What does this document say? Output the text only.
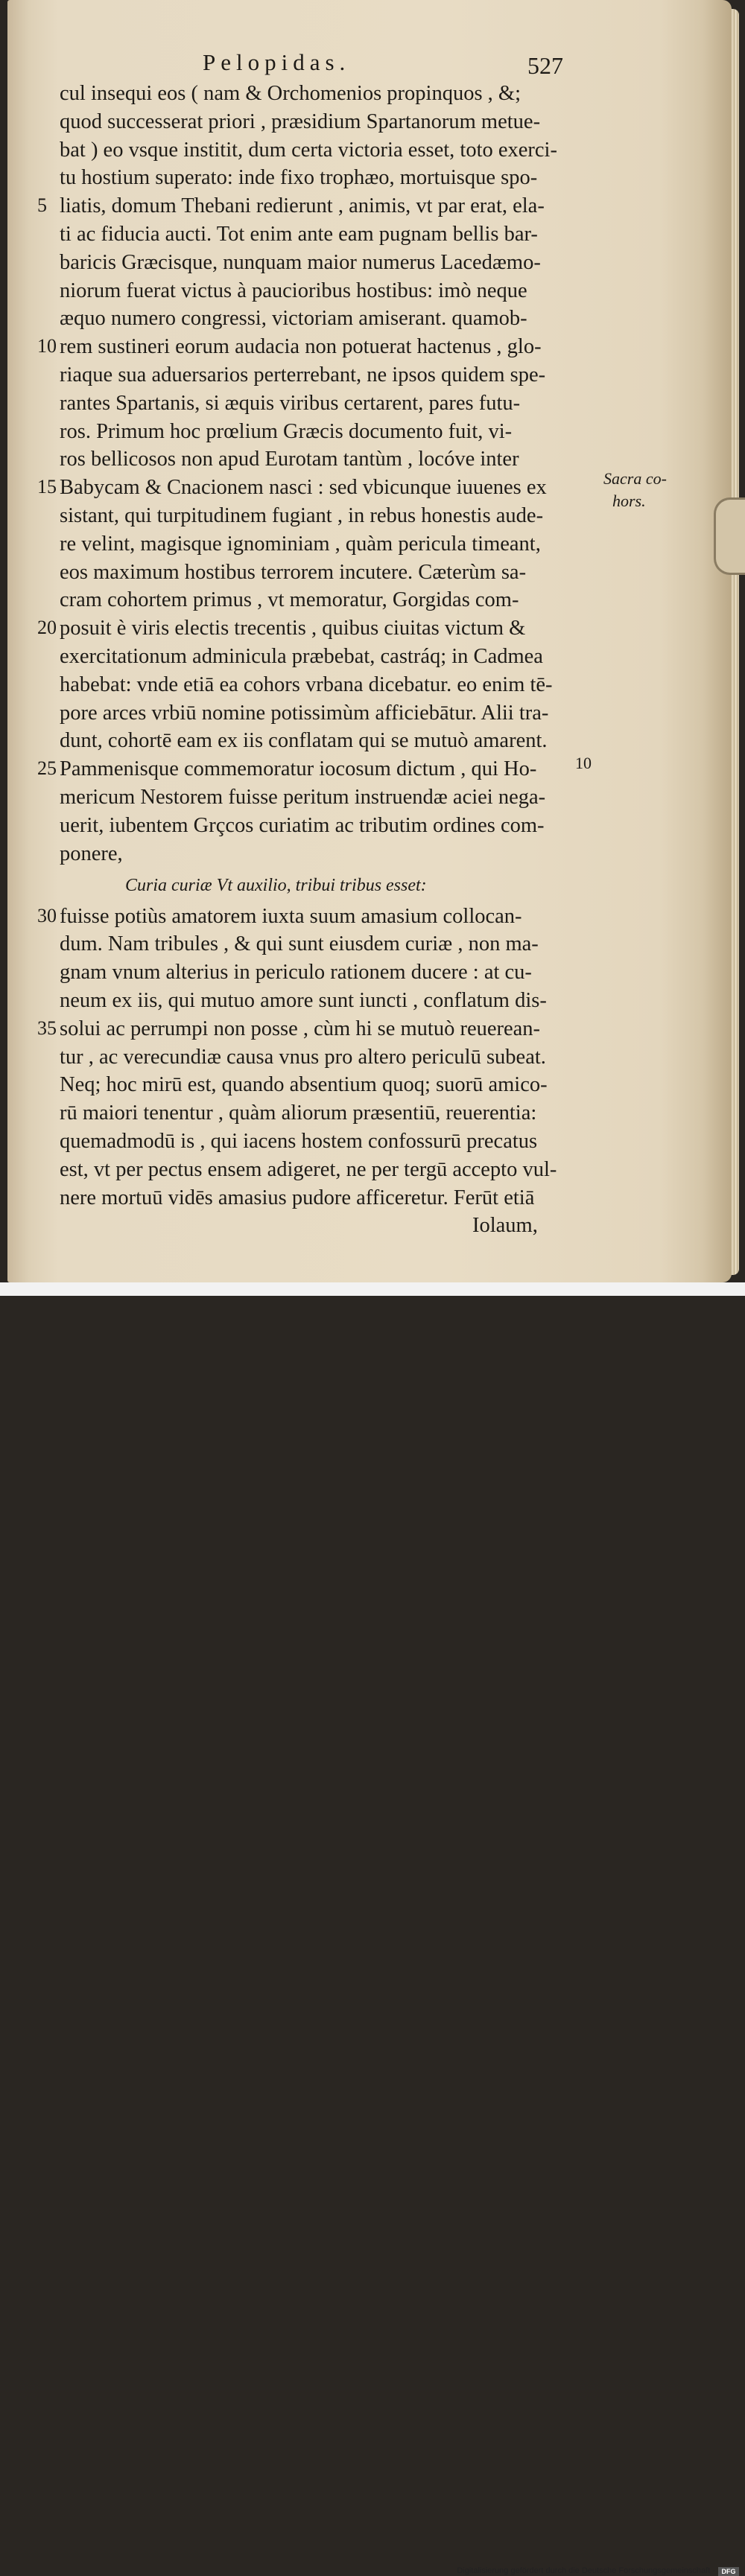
Pelopidas.	527
cul insequi eos ( nam & Orchomenios propinquos , &;
quod successerat priori , præsidium Spartanorum metue-
bat ) eo vsque institit, dum certa victoria esset, toto exerci-
tu hostium superato: inde fixo trophæo, mortuisque spo-
liatis, domum Thebani redierunt , animis, vt par erat, ela-
ti ac fiducia aucti. Tot enim ante eam pugnam bellis bar-
baricis Græcisque, nunquam maior numerus Lacedæmo-
niorum fuerat victus à paucioribus hostibus: imò neque
æquo numero congressi, victoriam amiserant. quamob-
rem sustineri eorum audacia non potuerat hactenus , glo-
riaque sua aduersarios perterrebant, ne ipsos quidem spe-
rantes Spartanis, si æquis viribus certarent, pares futu-
ros. Primum hoc prœlium Græcis documento fuit, vi-
ros bellicosos non apud Eurotam tantùm , locóve inter
Babycam & Cnacionem nasci : sed vbicunque iuuenes ex
sistant, qui turpitudinem fugiant , in rebus honestis aude-
re velint, magisque ignominiam , quàm pericula timeant,
eos maximum hostibus terrorem incutere. Cæterùm sa-
cram cohortem primus , vt memoratur, Gorgidas com-
posuit è viris electis trecentis , quibus ciuitas victum &
exercitationum adminicula præbebat, castráq; in Cadmea
habebat: vnde etiā ea cohors vrbana dicebatur. eo enim tē-
pore arces vrbiū nomine potissimùm afficiebātur. Alii tra-
dunt, cohortē eam ex iis conflatam qui se mutuò amarent.
Pammenisque commemoratur iocosum dictum , qui Ho-
mericum Nestorem fuisse peritum instruendæ aciei nega-
uerit, iubentem Grçcos curiatim ac tributim ordines com-
ponere,
Curia curiæ Vt auxilio, tribui tribus esset:
fuisse potiùs amatorem iuxta suum amasium collocan-
dum. Nam tribules , & qui sunt eiusdem curiæ , non ma-
gnam vnum alterius in periculo rationem ducere : at cu-
neum ex iis, qui mutuo amore sunt iuncti , conflatum dis-
solui ac perrumpi non posse , cùm hi se mutuò reuerean-
tur , ac verecundiæ causa vnus pro altero periculū subeat.
Neq; hoc mirū est, quando absentium quoq; suorū amico-
rū maiori tenentur , quàm aliorum præsentiū, reuerentia:
quemadmodū is , qui iacens hostem confossurū precatus
est, vt per pectus ensem adigeret, ne per tergū accepto vul-
nere mortuū vidēs amasius pudore afficeretur. Ferūt etiā
Iolaum,
5
10
15
20
25
30
35
Sacra co-
hors.
10
Digitalisierung gefördert durch die Deutsche Forschungsgemeinschaft - DFG
